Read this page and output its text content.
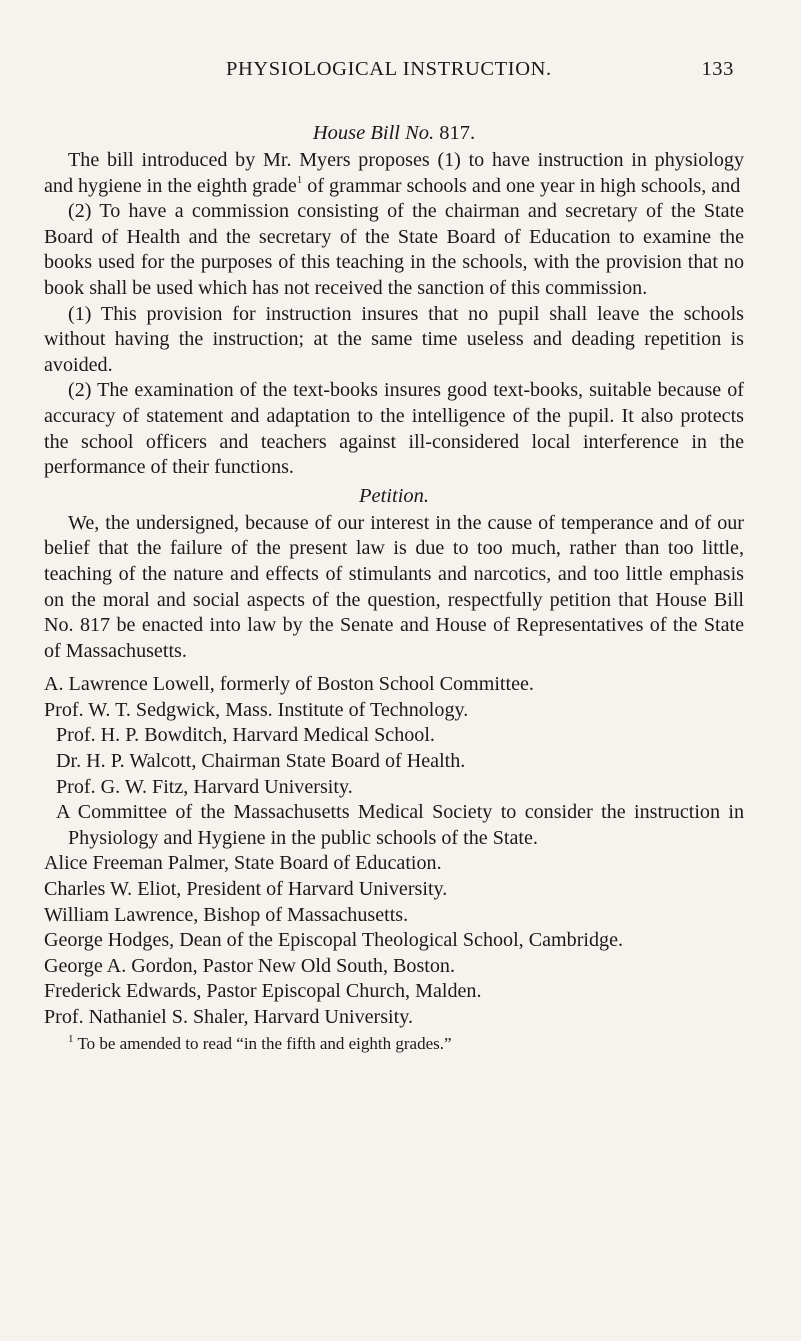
PHYSIOLOGICAL INSTRUCTION.	133
House Bill No. 817.

The bill introduced by Mr. Myers proposes (1) to have instruction in physiology and hygiene in the eighth grade$^1$ of grammar schools and one year in high schools, and

(2) To have a commission consisting of the chairman and secretary of the State Board of Health and the secretary of the State Board of Education to examine the books used for the purposes of this teaching in the schools, with the provision that no book shall be used which has not received the sanction of this commission.

(1) This provision for instruction insures that no pupil shall leave the schools without having the instruction; at the same time useless and deading repetition is avoided.

(2) The examination of the text-books insures good text-books, suitable because of accuracy of statement and adaptation to the intelligence of the pupil. It also protects the school officers and teachers against ill-considered local interference in the performance of their functions.

Petition.

We, the undersigned, because of our interest in the cause of temperance and of our belief that the failure of the present law is due to too much, rather than too little, teaching of the nature and effects of stimulants and narcotics, and too little emphasis on the moral and social aspects of the question, respectfully petition that House Bill No. 817 be enacted into law by the Senate and House of Representatives of the State of Massachusetts.

A. Lawrence Lowell, formerly of Boston School Committee.

Prof. W. T. Sedgwick, Mass. Institute of Technology.

Prof. H. P. Bowditch, Harvard Medical School.

Dr. H. P. Walcott, Chairman State Board of Health.

Prof. G. W. Fitz, Harvard University.

A Committee of the Massachusetts Medical Society to consider the instruction in Physiology and Hygiene in the public schools of the State.

Alice Freeman Palmer, State Board of Education.

Charles W. Eliot, President of Harvard University.

William Lawrence, Bishop of Massachusetts.

George Hodges, Dean of the Episcopal Theological School, Cambridge.

George A. Gordon, Pastor New Old South, Boston.

Frederick Edwards, Pastor Episcopal Church, Malden.

Prof. Nathaniel S. Shaler, Harvard University.

$^1$ To be amended to read “in the fifth and eighth grades.”
